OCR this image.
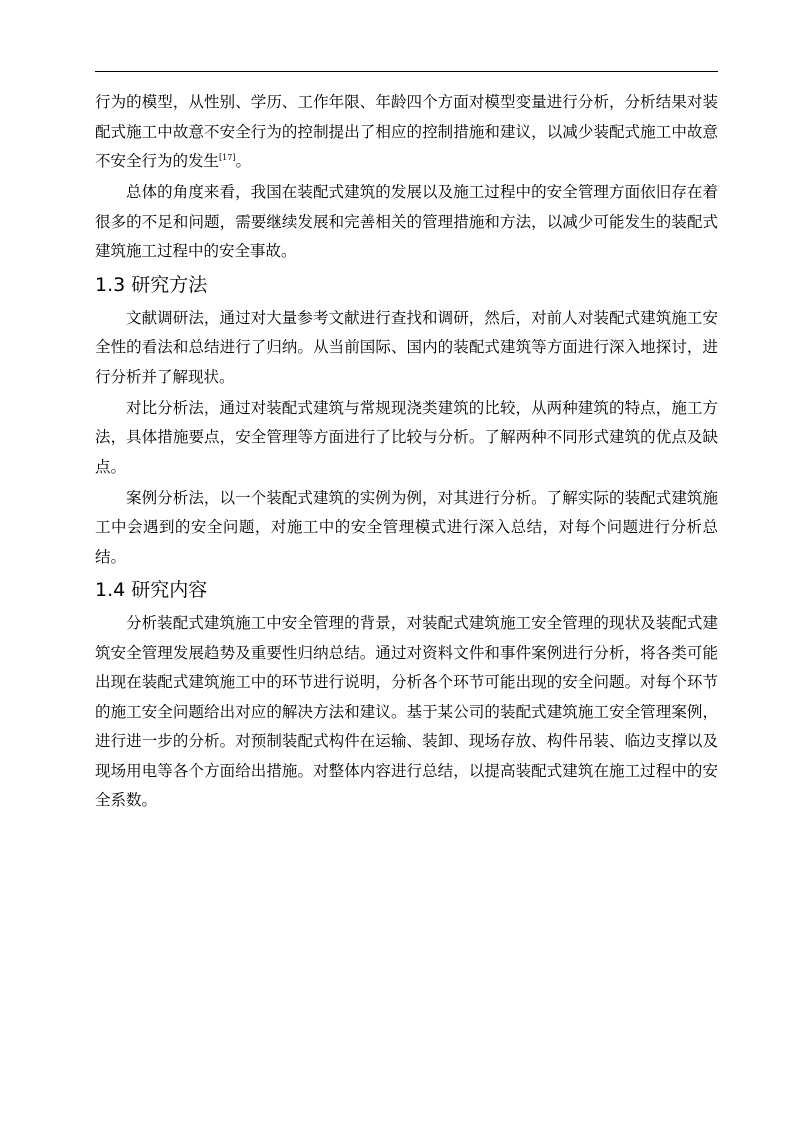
行为的模型，从性别、学历、工作年限、年龄四个方面对模型变量进行分析，分析结果对装配式施工中故意不安全行为的控制提出了相应的控制措施和建议，以减少装配式施工中故意不安全行为的发生[17]。

总体的角度来看，我国在装配式建筑的发展以及施工过程中的安全管理方面依旧存在着很多的不足和问题，需要继续发展和完善相关的管理措施和方法，以减少可能发生的装配式建筑施工过程中的安全事故。

1.3 研究方法

文献调研法，通过对大量参考文献进行查找和调研，然后，对前人对装配式建筑施工安全性的看法和总结进行了归纳。从当前国际、国内的装配式建筑等方面进行深入地探讨，进行分析并了解现状。

对比分析法，通过对装配式建筑与常规现浇类建筑的比较，从两种建筑的特点，施工方法，具体措施要点，安全管理等方面进行了比较与分析。了解两种不同形式建筑的优点及缺点。

案例分析法，以一个装配式建筑的实例为例，对其进行分析。了解实际的装配式建筑施工中会遇到的安全问题，对施工中的安全管理模式进行深入总结，对每个问题进行分析总结。

1.4 研究内容

分析装配式建筑施工中安全管理的背景，对装配式建筑施工安全管理的现状及装配式建筑安全管理发展趋势及重要性归纳总结。通过对资料文件和事件案例进行分析，将各类可能出现在装配式建筑施工中的环节进行说明，分析各个环节可能出现的安全问题。对每个环节的施工安全问题给出对应的解决方法和建议。基于某公司的装配式建筑施工安全管理案例，进行进一步的分析。对预制装配式构件在运输、装卸、现场存放、构件吊装、临边支撑以及现场用电等各个方面给出措施。对整体内容进行总结，以提高装配式建筑在施工过程中的安全系数。
